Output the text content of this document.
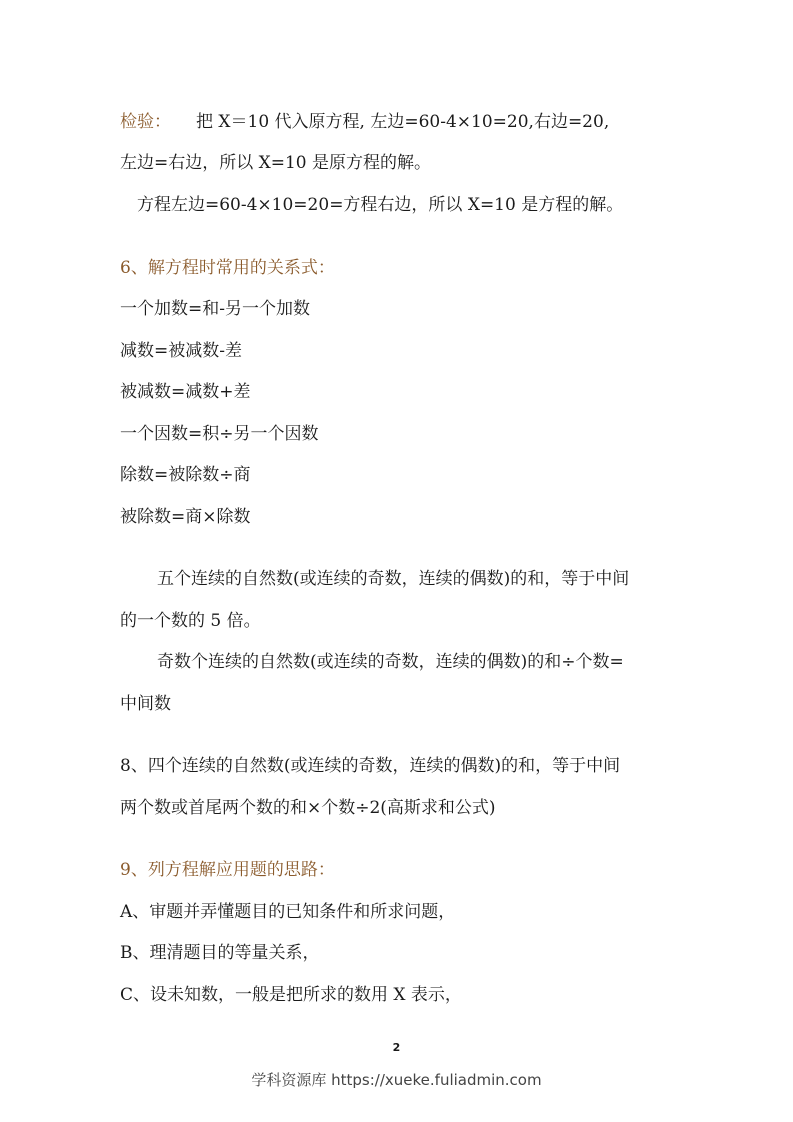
检验： 把 X＝10 代入原方程, 左边=60-4×10=20,右边=20,
左边=右边，所以 X=10 是原方程的解。
方程左边=60-4×10=20=方程右边，所以 X=10 是方程的解。
6、解方程时常用的关系式：
一个加数=和-另一个加数
减数=被减数-差
被减数=减数+差
一个因数=积÷另一个因数
除数=被除数÷商
被除数=商×除数
五个连续的自然数(或连续的奇数，连续的偶数)的和，等于中间
的一个数的 5 倍。
奇数个连续的自然数(或连续的奇数，连续的偶数)的和÷个数=
中间数
8、四个连续的自然数(或连续的奇数，连续的偶数)的和，等于中间
两个数或首尾两个数的和×个数÷2(高斯求和公式)
9、列方程解应用题的思路：
A、审题并弄懂题目的已知条件和所求问题，
B、理清题目的等量关系，
C、设未知数，一般是把所求的数用 X 表示，
2
学科资源库 https://xueke.fuliadmin.com
